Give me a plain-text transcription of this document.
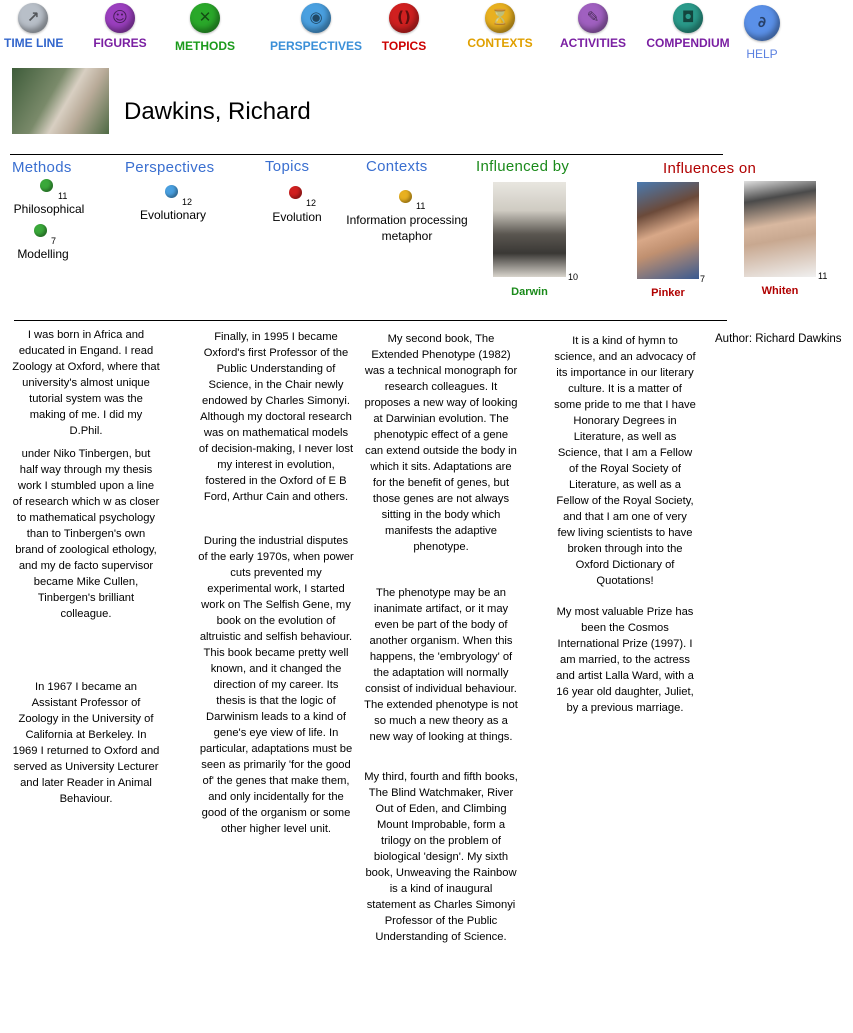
↗
TIME LINE
☺
FIGURES
✕
METHODS
◉
PERSPECTIVES
()
TOPICS
⌛
CONTEXTS
✎
ACTIVITIES
◘
COMPENDIUM
∂
HELP
Dawkins, Richard
Methods	Perspectives	Topics	Contexts	Influenced by	Influences on
11
Philosophical
7
Modelling
12
Evolutionary
12
Evolution
11
Information processing metaphor
10
Darwin
7
Pinker
11
Whiten
Author: Richard Dawkins

I was born in Africa and educated in Engand. I read Zoology at Oxford, where that university's almost unique tutorial system was the making of me. I did my D.Phil.

under Niko Tinbergen, but half way through my thesis work I stumbled upon a line of research which w as closer to mathematical psychology than to Tinbergen's own brand of zoological ethology, and my de facto supervisor became Mike Cullen, Tinbergen's brilliant colleague.

In 1967 I became an Assistant Professor of Zoology in the University of California at Berkeley. In 1969 I returned to Oxford and served as University Lecturer and later Reader in Animal Behaviour.

Finally, in 1995 I became Oxford's first Professor of the Public Understanding of Science, in the Chair newly endowed by Charles Simonyi. Although my doctoral research was on mathematical models of decision-making, I never lost my interest in evolution, fostered in the Oxford of E B Ford, Arthur Cain and others.

During the industrial disputes of the early 1970s, when power cuts prevented my experimental work, I started work on The Selfish Gene, my book on the evolution of altruistic and selfish behaviour. This book became pretty well known, and it changed the direction of my career. Its thesis is that the logic of Darwinism leads to a kind of gene's eye view of life. In particular, adaptations must be seen as primarily 'for the good of' the genes that make them, and only incidentally for the good of the organism or some other higher level unit.

My second book, The Extended Phenotype (1982) was a technical monograph for research colleagues. It proposes a new way of looking at Darwinian evolution. The phenotypic effect of a gene can extend outside the body in which it sits. Adaptations are for the benefit of genes, but those genes are not always sitting in the body which manifests the adaptive phenotype.

The phenotype may be an inanimate artifact, or it may even be part of the body of another organism. When this happens, the 'embryology' of the adaptation will normally consist of individual behaviour. The extended phenotype is not so much a new theory as a new way of looking at things.

My third, fourth and fifth books, The Blind Watchmaker, River Out of Eden, and Climbing Mount Improbable, form a trilogy on the problem of biological 'design'. My sixth book, Unweaving the Rainbow is a kind of inaugural statement as Charles Simonyi Professor of the Public Understanding of Science.

It is a kind of hymn to science, and an advocacy of its importance in our literary culture. It is a matter of some pride to me that I have Honorary Degrees in Literature, as well as Science, that I am a Fellow of the Royal Society of Literature, as well as a Fellow of the Royal Society, and that I am one of very few living scientists to have broken through into the Oxford Dictionary of Quotations!

My most valuable Prize has been the Cosmos International Prize (1997). I am married, to the actress and artist Lalla Ward, with a 16 year old daughter, Juliet, by a previous marriage.
